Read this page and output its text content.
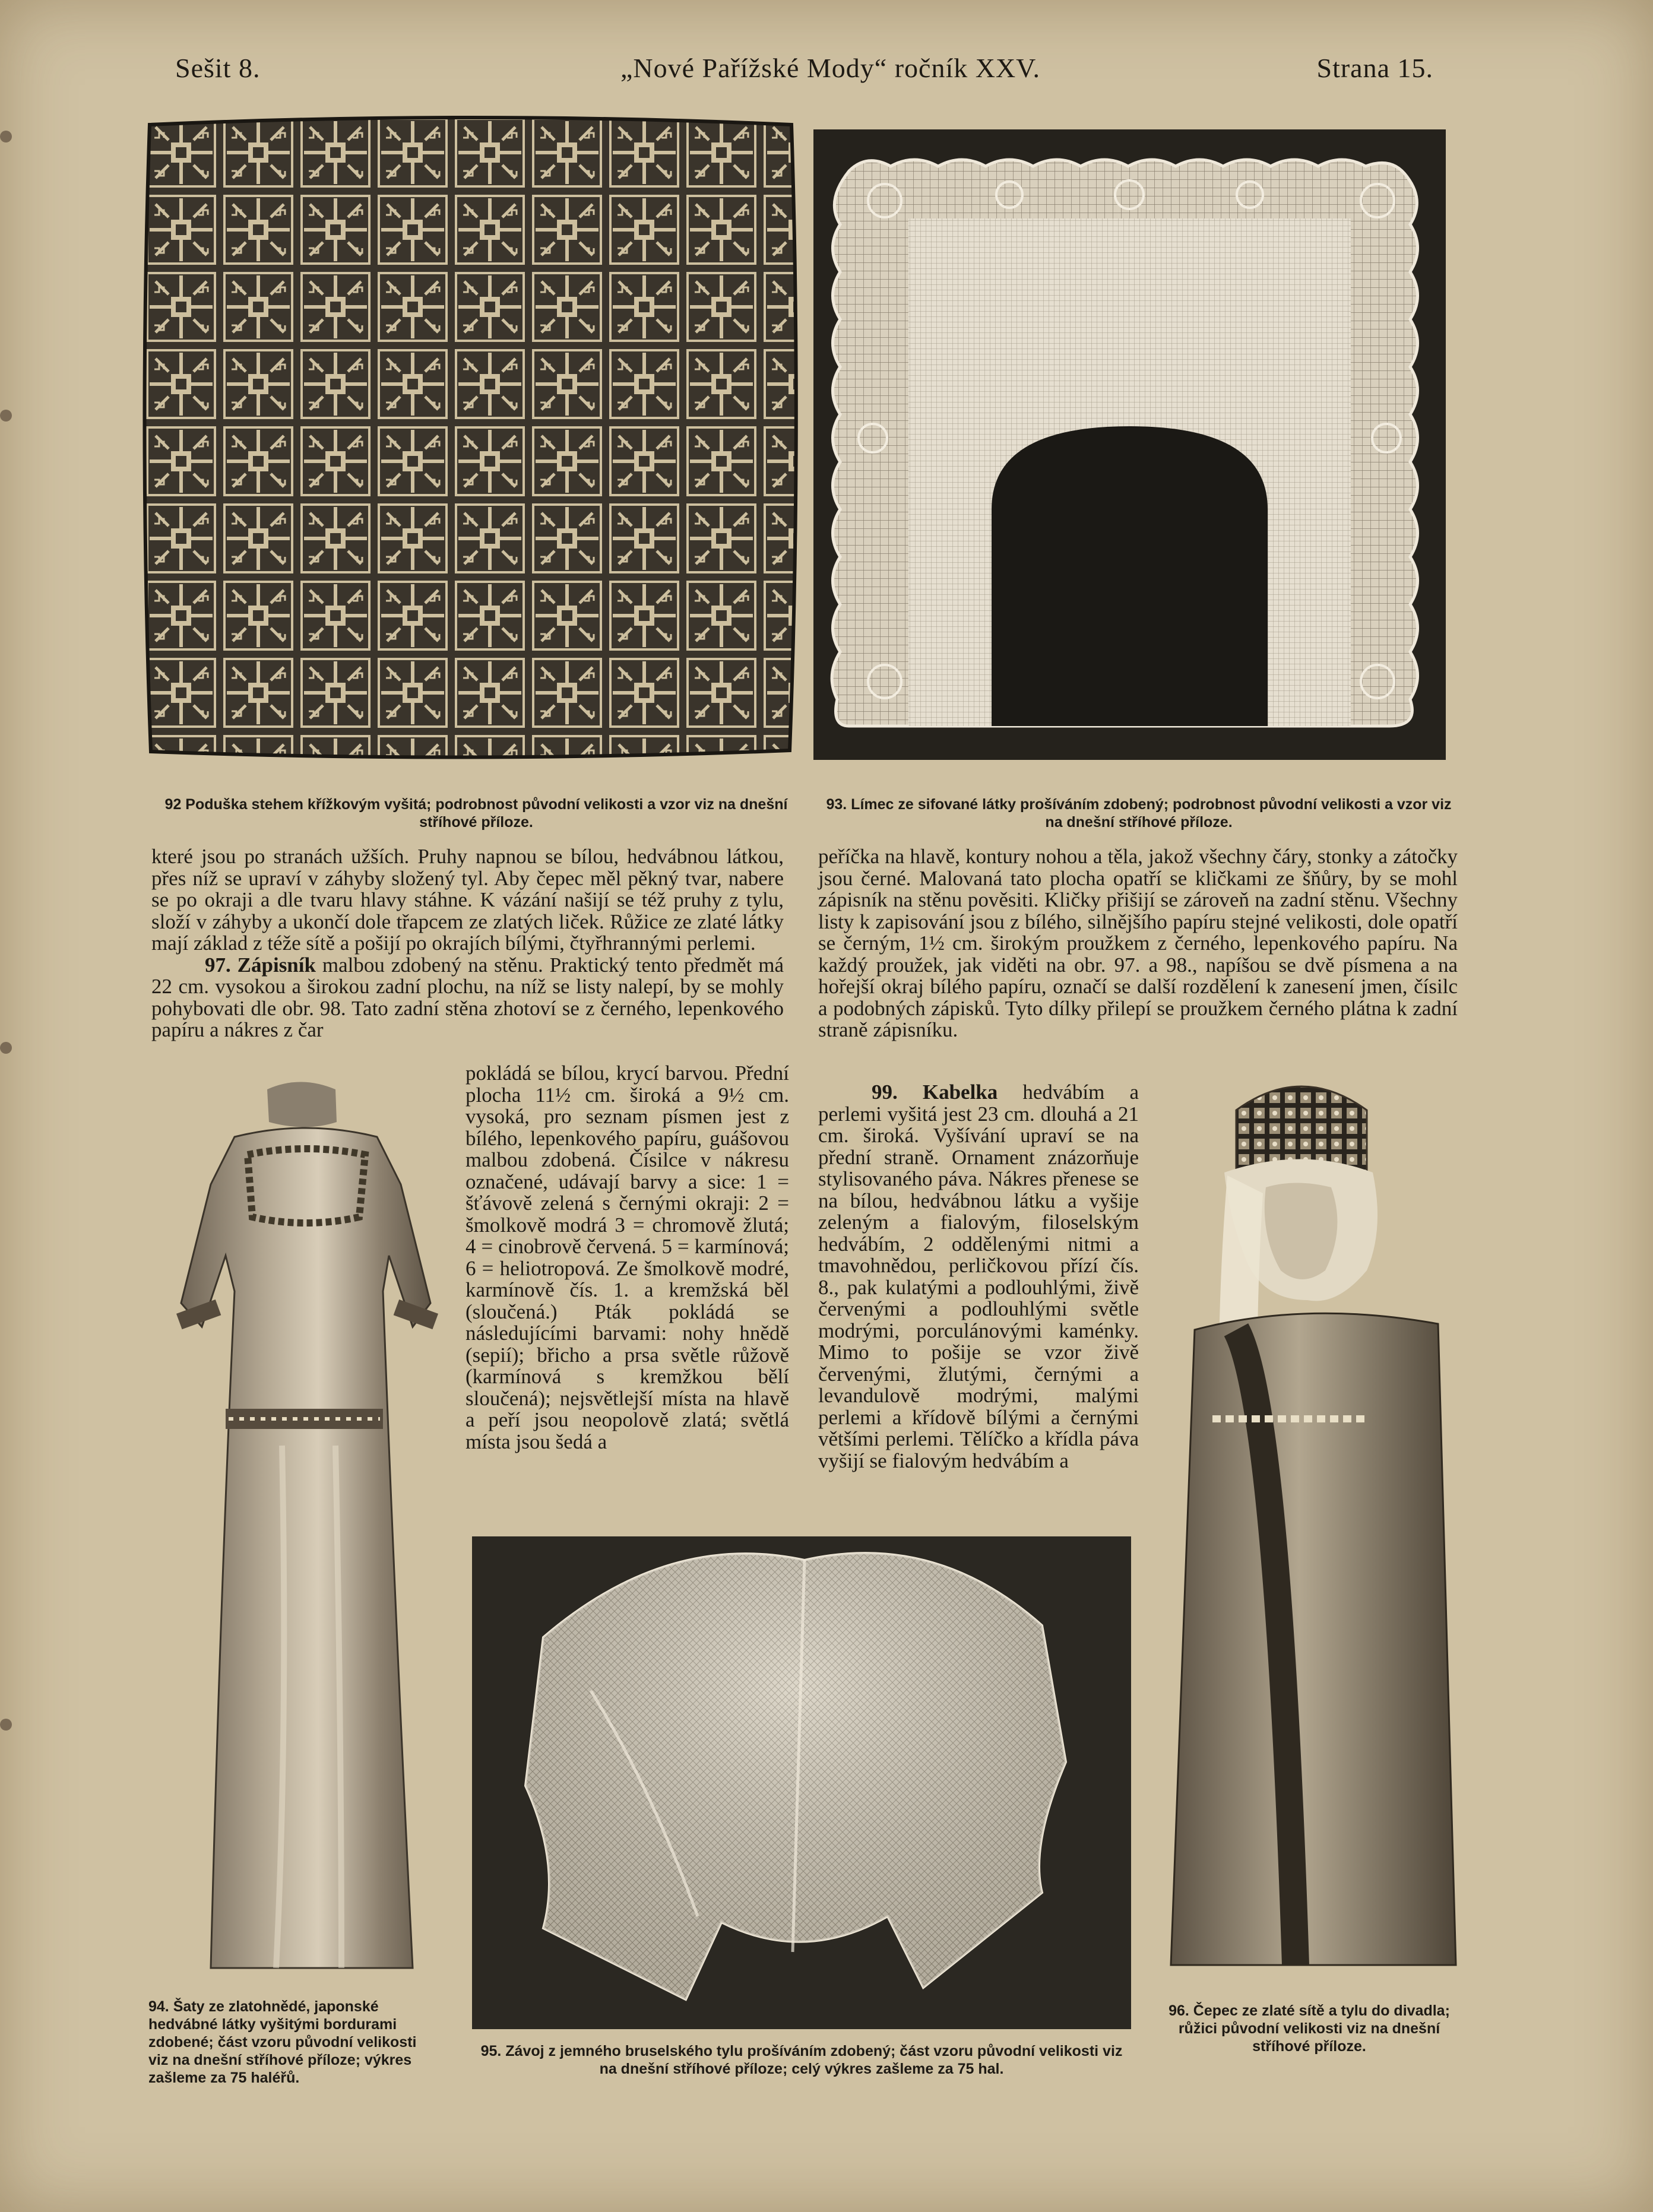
Sešit 8.	„Nové Pařížské Mody“ ročník XXV.	Strana 15.
92 Poduška stehem křížkovým vyšitá; podrobnost původní velikosti a vzor viz na dnešní stříhové příloze.
93. Límec ze sifované látky prošíváním zdobený; podrobnost původní velikosti a vzor viz na dnešní stříhové příloze.

které jsou po stranách užších. Pruhy napnou se bílou, hedvábnou látkou, přes níž se upraví v záhyby složený tyl. Aby čepec měl pěkný tvar, nabere se po okraji a dle tvaru hlavy stáhne. K vázání našijí se též pruhy z tylu, složí v záhyby a ukončí dole třapcem ze zlatých liček. Růžice ze zlaté látky mají základ z téže sítě a pošijí po okrajích bílými, čtyřhrannými perlemi.

97. Zápisník malbou zdobený na stěnu. Praktický tento předmět má 22 cm. vysokou a širokou zadní plochu, na níž se listy nalepí, by se mohly pohybovati dle obr. 98. Tato zadní stěna zhotoví se z černého, lepenkového papíru a nákres z čar

pokládá se bílou, krycí barvou. Přední plocha 11½ cm. široká a 9½ cm. vysoká, pro seznam písmen jest z bílého, lepenkového papíru, guášovou malbou zdobená. Čísilce v nákresu označené, udávají barvy a sice: 1 = šťávově zelená s černými okraji: 2 = šmolkově modrá 3 = chromově žlutá; 4 = cinobrově červená. 5 = karmínová; 6 = heliotropová. Ze šmolkově modré, karmínově čís. 1. a kremžská běl (sloučená.) Pták pokládá se následujícími barvami: nohy hnědě (sepií); břicho a prsa světle růžově (karmínová s kremžkou bělí sloučená); nejsvětlejší místa na hlavě a peří jsou neopolově zlatá; světlá místa jsou šedá a
peříčka na hlavě, kontury nohou a těla, jakož všechny čáry, stonky a zátočky jsou černé. Malovaná tato plocha opatří se kličkami ze šňůry, by se mohl zápisník na stěnu pověsiti. Kličky přišijí se zároveň na zadní stěnu. Všechny listy k zapisování jsou z bílého, silnějšího papíru stejné velikosti, dole opatří se černým, 1½ cm. širokým proužkem z černého, lepenkového papíru. Na každý proužek, jak viděti na obr. 97. a 98., napíšou se dvě písmena a na hořejší okraj bílého papíru, označí se další rozdělení k zanesení jmen, čísilc a podobných zápisků. Tyto dílky přilepí se proužkem černého plátna k zadní straně zápisníku.
99. Kabelka hedvábím a perlemi vyšitá jest 23 cm. dlouhá a 21 cm. široká. Vyšívání upraví se na přední straně. Ornament znázorňuje stylisovaného páva. Nákres přenese se na bílou, hedvábnou látku a vyšije zeleným a fialovým, filoselským hedvábím, 2 oddělenými nitmi a tmavohnědou, perličkovou přízí čís. 8., pak kulatými a podlouhlými, živě červenými a podlouhlými světle modrými, porculánovými kaménky. Mimo to pošije se vzor živě červenými, žlutými, černými a levandulově modrými, malými perlemi a křídově bílými a černými většími perlemi. Tělíčko a křídla páva vyšijí se fialovým hedvábím a
94. Šaty ze zlatohnědé, japonské hedvábné látky vyšitými bordurami zdobené; část vzoru původní velikosti viz na dnešní stříhové příloze; výkres zašleme za 75 haléřů.
95. Závoj z jemného bruselského tylu prošíváním zdobený; část vzoru původní velikosti viz na dnešní stříhové příloze; celý výkres zašleme za 75 hal.
96. Čepec ze zlaté sítě a tylu do divadla; růžici původní velikosti viz na dnešní stříhové příloze.
